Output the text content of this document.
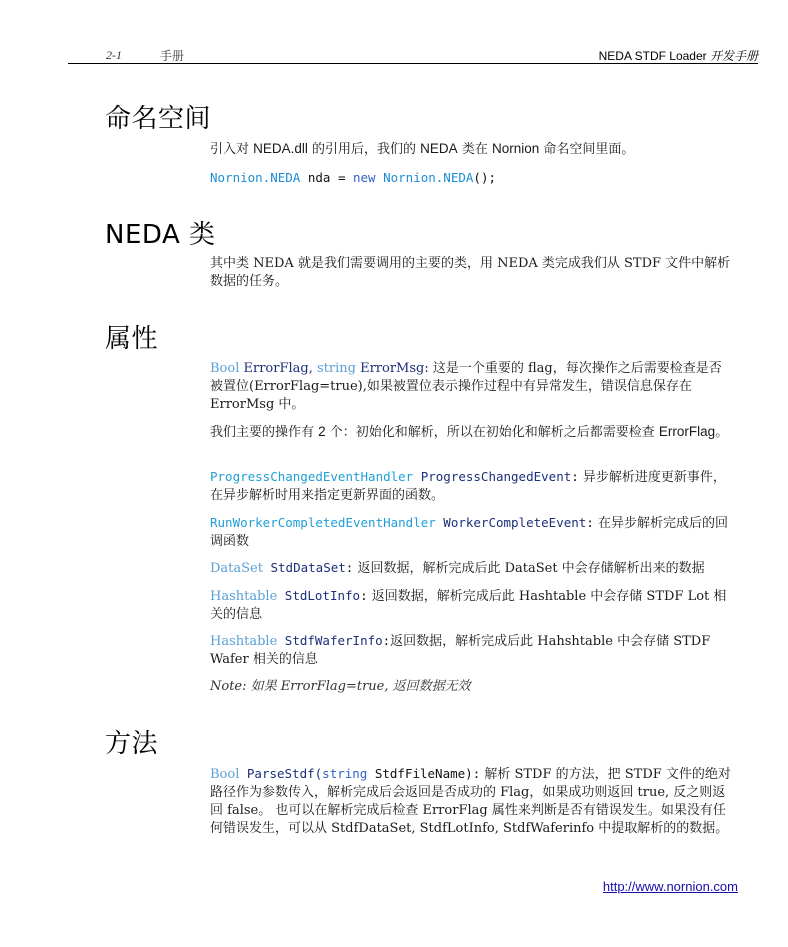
2-1	手册	NEDA STDF Loader 开发手册
命名空间

引入对 NEDA.dll 的引用后，我们的 NEDA 类在 Nornion 命名空间里面。

Nornion.NEDA nda = new Nornion.NEDA();

NEDA 类

其中类 NEDA 就是我们需要调用的主要的类，用 NEDA 类完成我们从 STDF 文件中解析数据的任务。

属性

Bool ErrorFlag, string ErrorMsg: 这是一个重要的 flag，每次操作之后需要检查是否被置位(ErrorFlag=true),如果被置位表示操作过程中有异常发生，错误信息保存在 ErrorMsg 中。

我们主要的操作有 2 个：初始化和解析，所以在初始化和解析之后都需要检查 ErrorFlag。

ProgressChangedEventHandler ProgressChangedEvent: 异步解析进度更新事件，在异步解析时用来指定更新界面的函数。

RunWorkerCompletedEventHandler WorkerCompleteEvent: 在异步解析完成后的回调函数

DataSet StdDataSet: 返回数据，解析完成后此 DataSet 中会存储解析出来的数据

Hashtable StdLotInfo: 返回数据，解析完成后此 Hashtable 中会存储 STDF Lot 相关的信息

Hashtable StdfWaferInfo:返回数据，解析完成后此 Hahshtable 中会存储 STDF Wafer 相关的信息

Note: 如果 ErrorFlag=true, 返回数据无效

方法

Bool ParseStdf(string StdfFileName): 解析 STDF 的方法，把 STDF 文件的绝对路径作为参数传入，解析完成后会返回是否成功的 Flag，如果成功则返回 true, 反之则返回 false。 也可以在解析完成后检查 ErrorFlag 属性来判断是否有错误发生。如果没有任何错误发生，可以从 StdfDataSet, StdfLotInfo, StdfWaferinfo 中提取解析的的数据。

http://www.nornion.com
